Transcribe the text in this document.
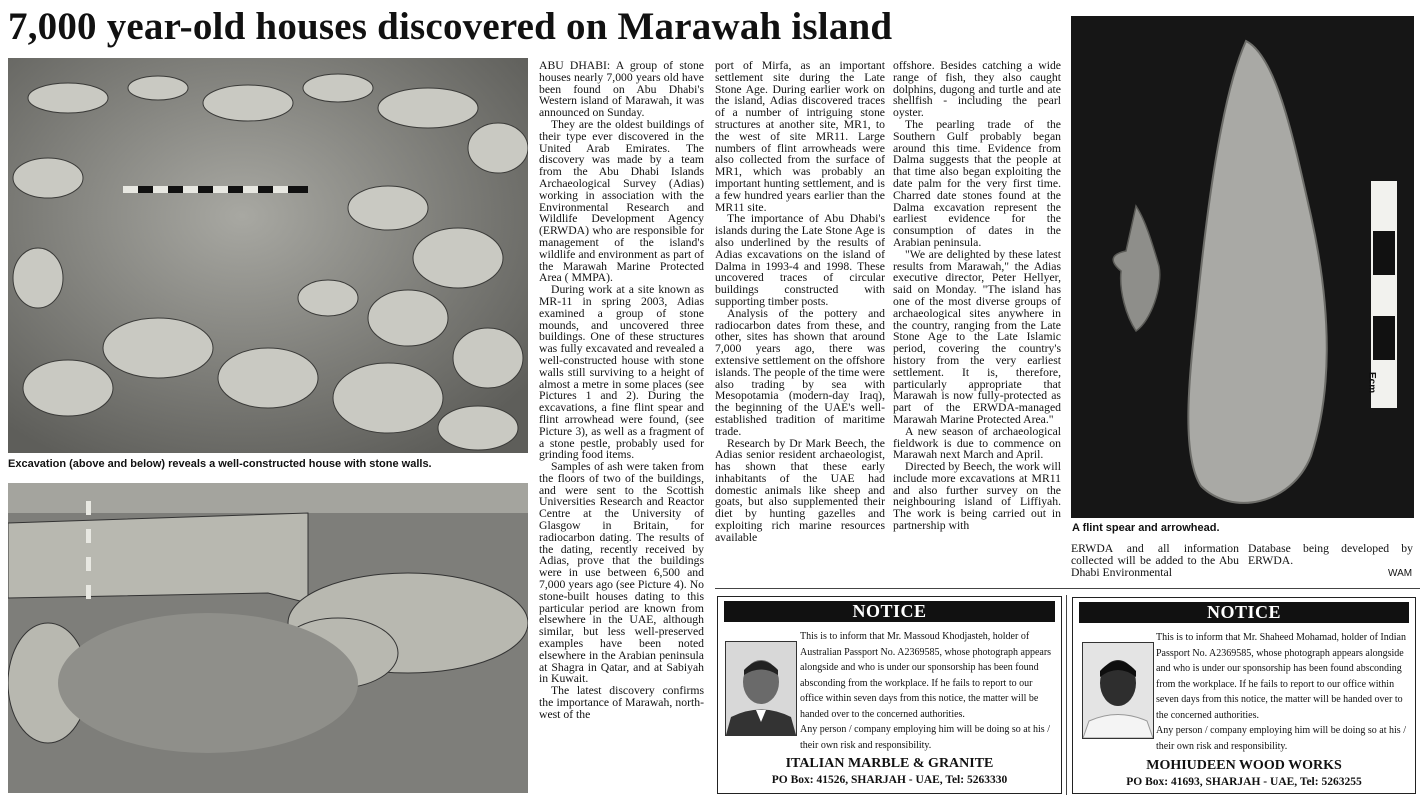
7,000 year-old houses discovered on Marawah island
Excavation (above and below) reveals a well-constructed house with stone walls.

ABU DHABI: A group of stone houses nearly 7,000 years old have been found on Abu Dhabi's Western island of Marawah, it was announced on Sunday.

They are the oldest buildings of their type ever discovered in the United Arab Emirates. The discovery was made by a team from the Abu Dhabi Islands Archaeological Survey (Adias) working in association with the Environmental Research and Wildlife Development Agency (ERWDA) who are responsible for management of the island's wildlife and environment as part of the Marawah Marine Protected Area ( MMPA).

During work at a site known as MR-11 in spring 2003, Adias examined a group of stone mounds, and uncovered three buildings. One of these structures was fully excavated and revealed a well-constructed house with stone walls still surviving to a height of almost a metre in some places (see Pictures 1 and 2). During the excavations, a fine flint spear and flint arrowhead were found, (see Picture 3), as well as a fragment of a stone pestle, probably used for grinding food items.

Samples of ash were taken from the floors of two of the buildings, and were sent to the Scottish Universities Research and Reactor Centre at the University of Glasgow in Britain, for radiocarbon dating. The results of the dating, recently received by Adias, prove that the buildings were in use between 6,500 and 7,000 years ago (see Picture 4). No stone-built houses dating to this particular period are known from elsewhere in the UAE, although similar, but less well-preserved examples have been noted elsewhere in the Arabian peninsula at Shagra in Qatar, and at Sabiyah in Kuwait.

The latest discovery confirms the importance of Marawah, north-west of the

port of Mirfa, as an important settlement site during the Late Stone Age. During earlier work on the island, Adias discovered traces of a number of intriguing stone structures at another site, MR1, to the west of site MR11. Large numbers of flint arrowheads were also collected from the surface of MR1, which was probably an important hunting settlement, and is a few hundred years earlier than the MR11 site.

The importance of Abu Dhabi's islands during the Late Stone Age is also underlined by the results of Adias excavations on the island of Dalma in 1993-4 and 1998. These uncovered traces of circular buildings constructed with supporting timber posts.

Analysis of the pottery and radiocarbon dates from these, and other, sites has shown that around 7,000 years ago, there was extensive settlement on the offshore islands. The people of the time were also trading by sea with Mesopotamia (modern-day Iraq), the beginning of the UAE's well-established tradition of maritime trade.

Research by Dr Mark Beech, the Adias senior resident archaeologist, has shown that these early inhabitants of the UAE had domestic animals like sheep and goats, but also supplemented their diet by hunting gazelles and exploiting rich marine resources available

offshore. Besides catching a wide range of fish, they also caught dolphins, dugong and turtle and ate shellfish - including the pearl oyster.

The pearling trade of the Southern Gulf probably began around this time. Evidence from Dalma suggests that the people at that time also began exploiting the date palm for the very first time. Charred date stones found at the Dalma excavation represent the earliest evidence for the consumption of dates in the Arabian peninsula.

"We are delighted by these latest results from Marawah," the Adias executive director, Peter Hellyer, said on Monday. "The island has one of the most diverse groups of archaeological sites anywhere in the country, ranging from the Late Stone Age to the Late Islamic period, covering the country's history from the very earliest settlement. It is, therefore, particularly appropriate that Marawah is now fully-protected as part of the ERWDA-managed Marawah Marine Protected Area."

A new season of archaeological fieldwork is due to commence on Marawah next March and April.

Directed by Beech, the work will include more excavations at MR11 and also further survey on the neighbouring island of Liffiyah. The work is being carried out in partnership with

Ecm
A flint spear and arrowhead.

ERWDA and all information collected will be added to the Abu Dhabi Environmental

Database being developed by ERWDA.

WAM
NOTICE

This is to inform that Mr. Massoud Khodjasteh, holder of Australian Passport No. A2369585, whose photograph appears alongside and who is under our sponsorship has been found absconding from the workplace. If he fails to report to our office within seven days from this notice, the matter will be handed over to the concerned authorities.

Any person / company employing him will be doing so at his / their own risk and responsibility.

ITALIAN MARBLE & GRANITE
PO Box: 41526, SHARJAH - UAE, Tel: 5263330
NOTICE

This is to inform that Mr. Shaheed Mohamad, holder of Indian Passport No. A2369585, whose photograph appears alongside and who is under our sponsorship has been found absconding from the workplace. If he fails to report to our office within seven days from this notice, the matter will be handed over to the concerned authorities.

Any person / company employing him will be doing so at his / their own risk and responsibility.

MOHIUDEEN WOOD WORKS
PO Box: 41693, SHARJAH - UAE, Tel: 5263255
